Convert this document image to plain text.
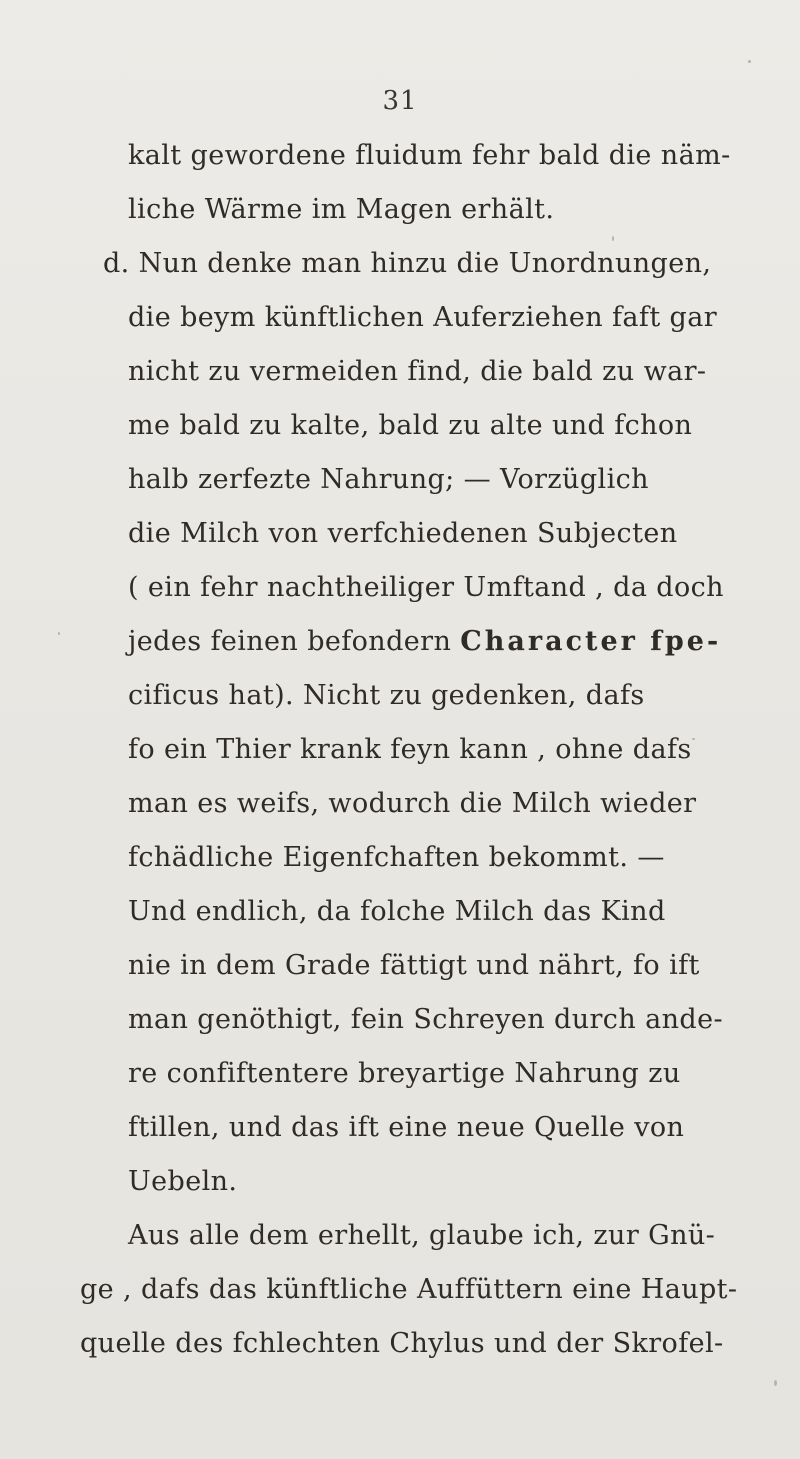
31
kalt gewordene fluidum fehr bald die näm-
liche Wärme im Magen erhält.
d. Nun denke man hinzu die Unordnungen,
die beym künftlichen Auferziehen faft gar
nicht zu vermeiden find, die bald zu war-
me bald zu kalte, bald zu alte und fchon
halb zerfezte Nahrung; — Vorzüglich
die Milch von verfchiedenen Subjecten
( ein fehr nachtheiliger Umftand , da doch
jedes feinen befondern Character fpe-
cificus hat). Nicht zu gedenken, dafs
fo ein Thier krank feyn kann , ohne dafs
man es weifs, wodurch die Milch wieder
fchädliche Eigenfchaften bekommt. —
Und endlich, da folche Milch das Kind
nie in dem Grade fättigt und nährt, fo ift
man genöthigt, fein Schreyen durch ande-
re confiftentere breyartige Nahrung zu
ftillen, und das ift eine neue Quelle von
Uebeln.
Aus alle dem erhellt, glaube ich, zur Gnü-
ge , dafs das künftliche Auffüttern eine Haupt-
quelle des fchlechten Chylus und der Skrofel-
